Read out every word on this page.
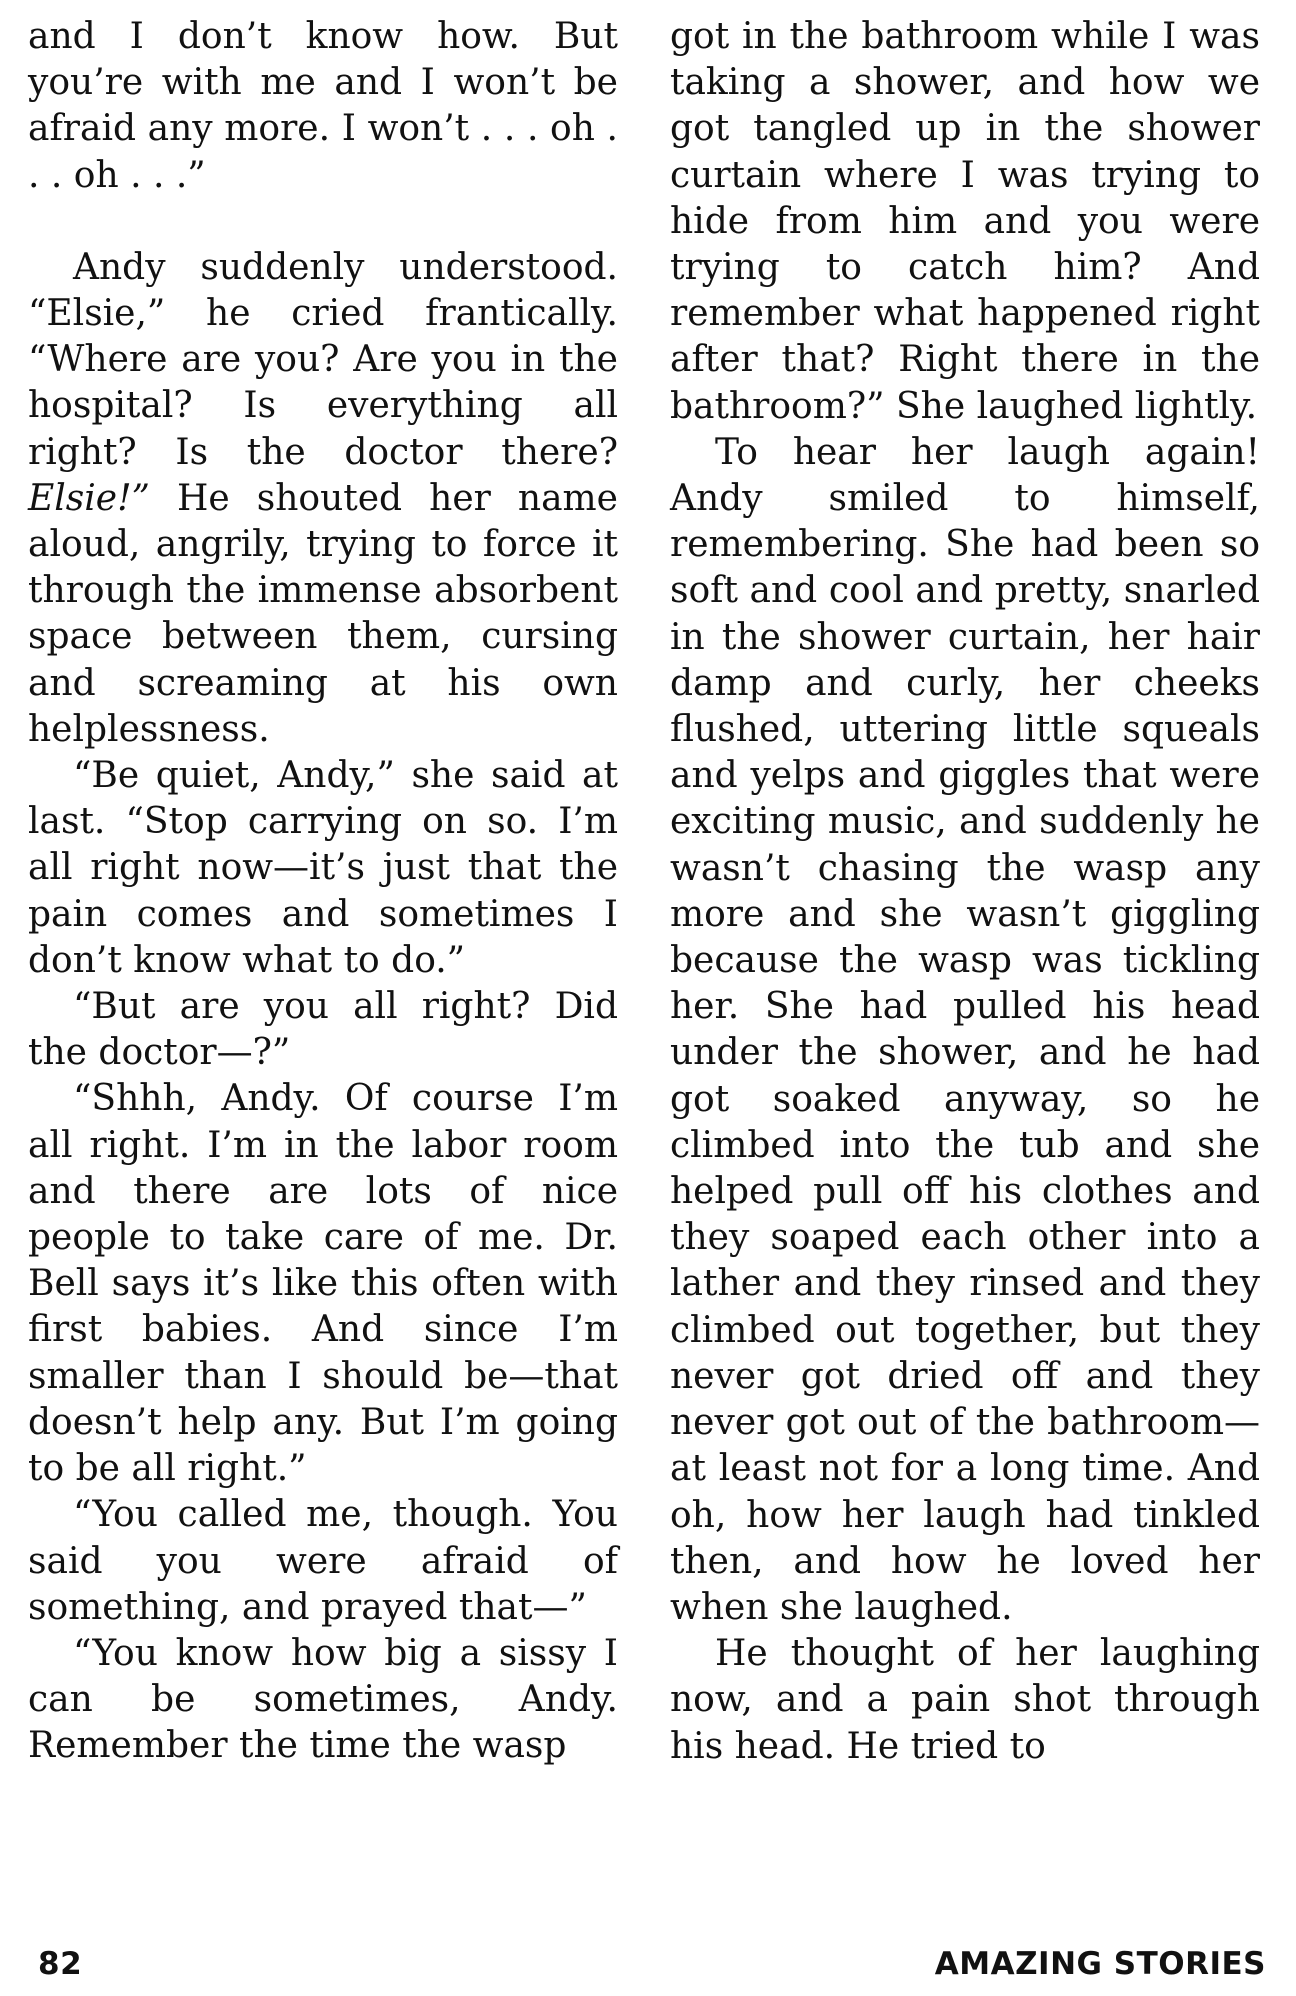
and I don’t know how. But you’re with me and I won’t be afraid any more. I won’t . . . oh . . . oh . . .”

Andy suddenly understood. “Elsie,” he cried frantically. “Where are you? Are you in the hospital? Is everything all right? Is the doctor there? Elsie!” He shouted her name aloud, angrily, trying to force it through the immense absorbent space between them, cursing and screaming at his own helplessness.

“Be quiet, Andy,” she said at last. “Stop carrying on so. I’m all right now—it’s just that the pain comes and sometimes I don’t know what to do.”

“But are you all right? Did the doctor—?”

“Shhh, Andy. Of course I’m all right. I’m in the labor room and there are lots of nice people to take care of me. Dr. Bell says it’s like this often with first babies. And since I’m smaller than I should be—that doesn’t help any. But I’m going to be all right.”

“You called me, though. You said you were afraid of something, and prayed that—”

“You know how big a sissy I can be sometimes, Andy. Remember the time the wasp

got in the bathroom while I was taking a shower, and how we got tangled up in the shower curtain where I was trying to hide from him and you were trying to catch him? And remember what happened right after that? Right there in the bathroom?” She laughed lightly.

To hear her laugh again! Andy smiled to himself, remembering. She had been so soft and cool and pretty, snarled in the shower curtain, her hair damp and curly, her cheeks flushed, uttering little squeals and yelps and giggles that were exciting music, and suddenly he wasn’t chasing the wasp any more and she wasn’t giggling because the wasp was tickling her. She had pulled his head under the shower, and he had got soaked anyway, so he climbed into the tub and she helped pull off his clothes and they soaped each other into a lather and they rinsed and they climbed out together, but they never got dried off and they never got out of the bathroom—at least not for a long time. And oh, how her laugh had tinkled then, and how he loved her when she laughed.

He thought of her laughing now, and a pain shot through his head. He tried to

82	AMAZING STORIES
